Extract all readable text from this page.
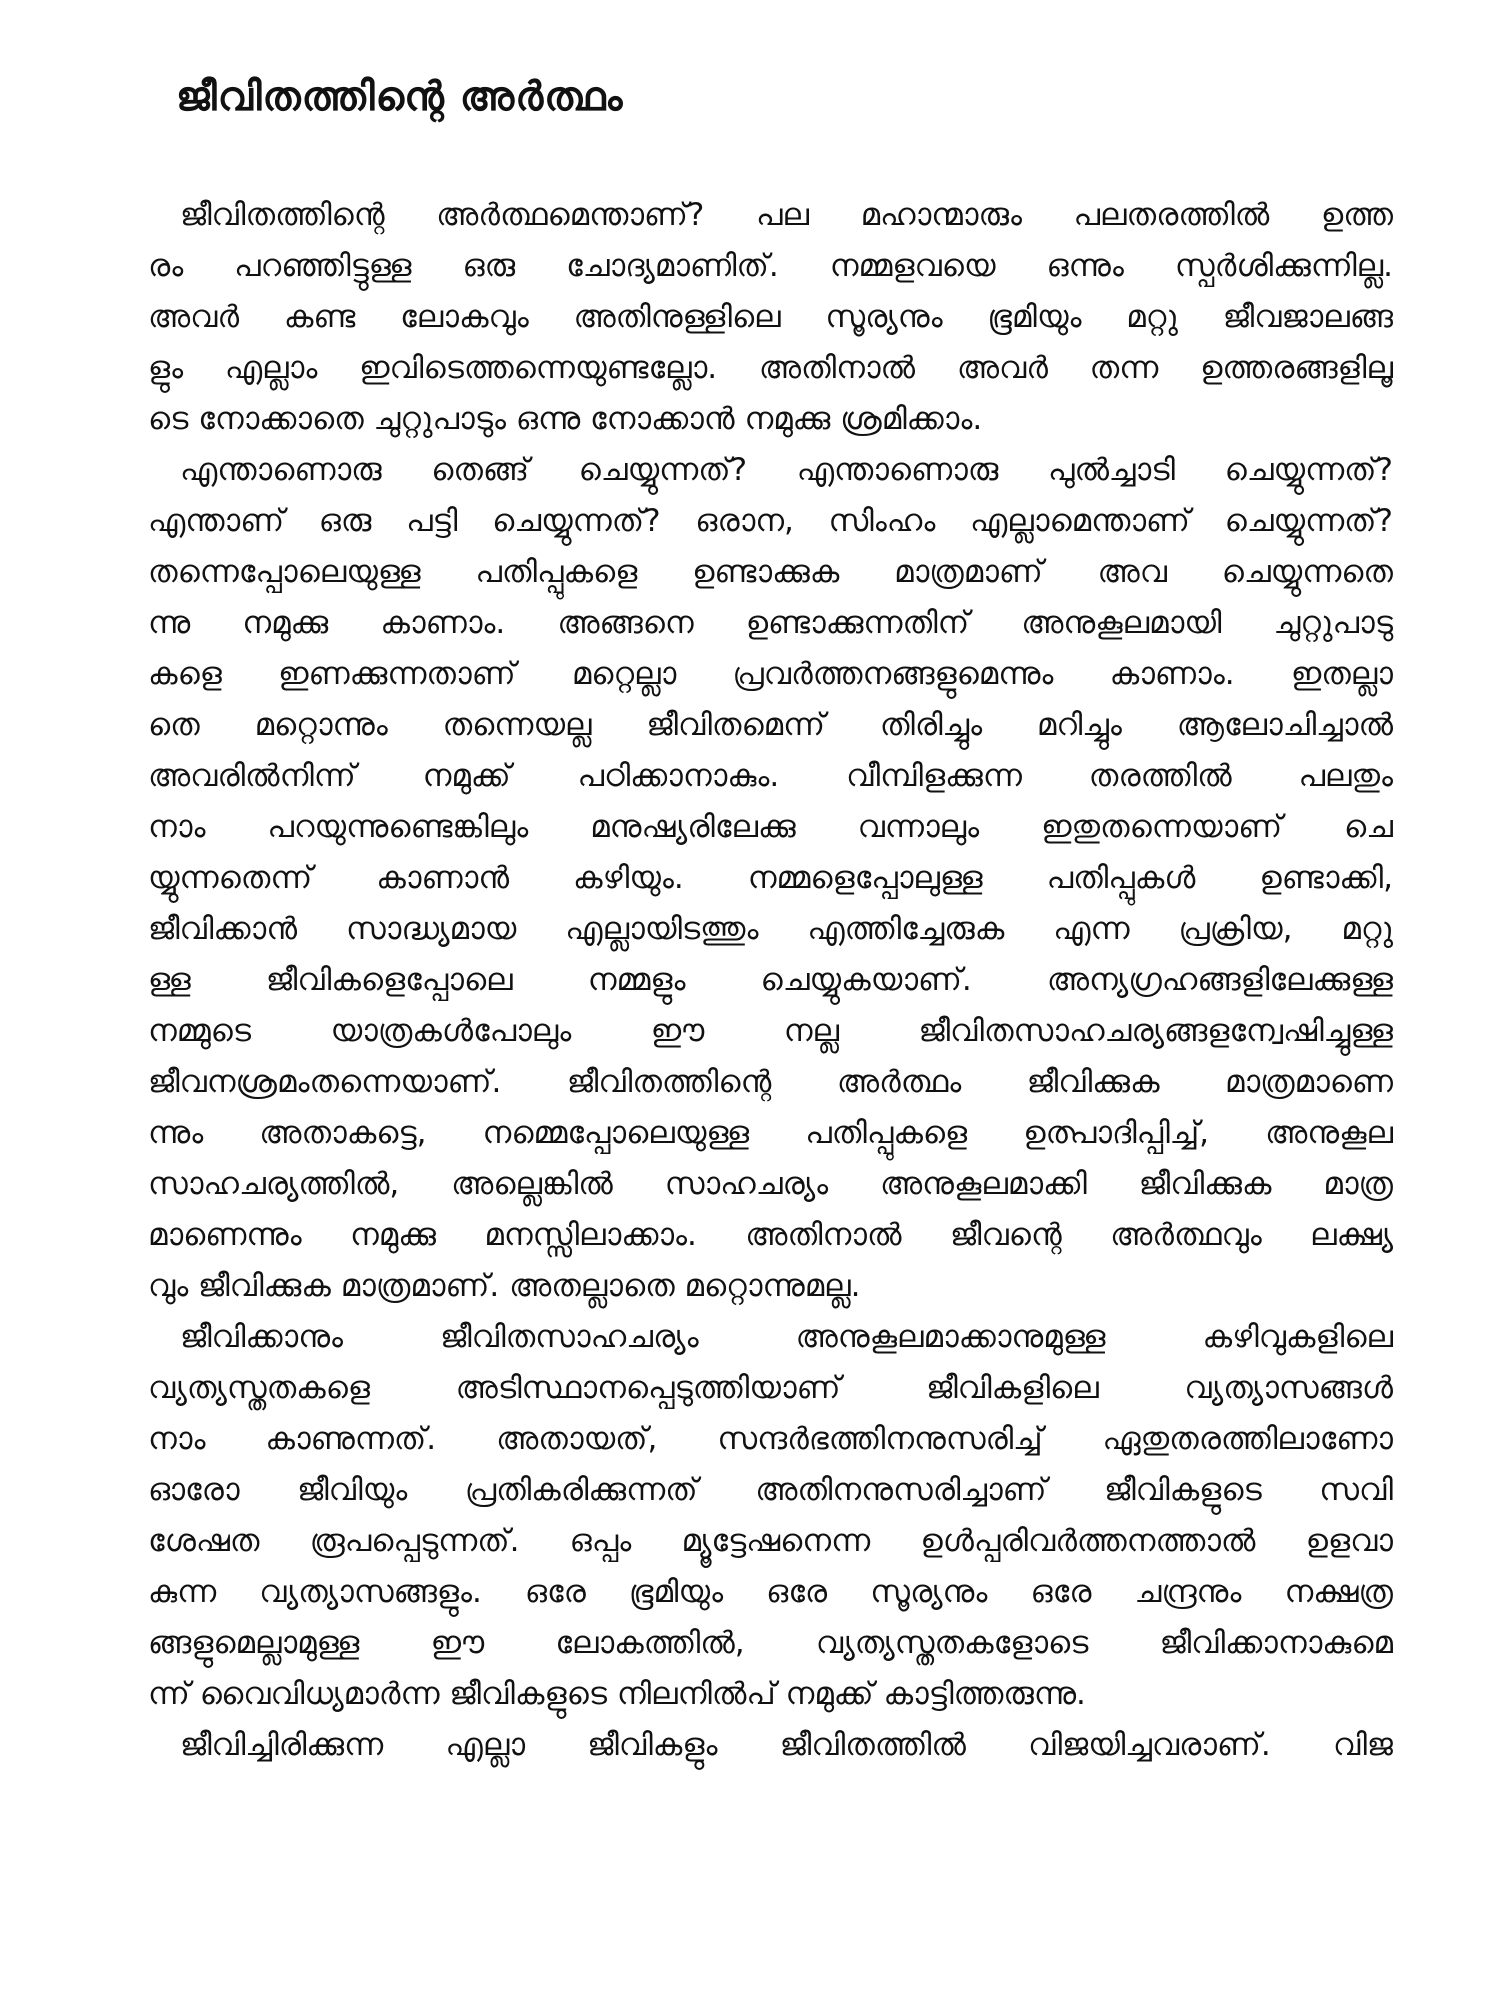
ജീവിതത്തിന്റെ അർത്ഥം
ജീവിതത്തിന്റെ അർത്ഥമെന്താണ്? പല മഹാന്മാരും പലതരത്തിൽ ഉത്ത
രം പറഞ്ഞിട്ടുള്ള ഒരു ചോദ്യമാണിത്. നമ്മളവയെ ഒന്നും സ്പർശിക്കുന്നില്ല.
അവർ കണ്ട ലോകവും അതിനുള്ളിലെ സൂര്യനും ഭൂമിയും മറ്റു ജീവജാലങ്ങ
ളും എല്ലാം ഇവിടെത്തന്നെയുണ്ടല്ലോ. അതിനാൽ അവർ തന്ന ഉത്തരങ്ങളിലൂ
ടെ നോക്കാതെ ചുറ്റുപാടും ഒന്നു നോക്കാൻ നമുക്കു ശ്രമിക്കാം.
എന്താണൊരു തെങ്ങ് ചെയ്യുന്നത്? എന്താണൊരു പുൽച്ചാടി ചെയ്യുന്നത്?
എന്താണ് ഒരു പട്ടി ചെയ്യുന്നത്? ഒരാന, സിംഹം എല്ലാമെന്താണ് ചെയ്യുന്നത്?
തന്നെപ്പോലെയുള്ള പതിപ്പുകളെ ഉണ്ടാക്കുക മാത്രമാണ് അവ ചെയ്യുന്നതെ
ന്നു നമുക്കു കാണാം. അങ്ങനെ ഉണ്ടാക്കുന്നതിന് അനുകൂലമായി ചുറ്റുപാടു
കളെ ഇണക്കുന്നതാണ് മറ്റെല്ലാ പ്രവർത്തനങ്ങളുമെന്നും കാണാം. ഇതല്ലാ
തെ മറ്റൊന്നും തന്നെയല്ല ജീവിതമെന്ന് തിരിച്ചും മറിച്ചും ആലോചിച്ചാൽ
അവരിൽനിന്ന് നമുക്ക് പഠിക്കാനാകും. വീമ്പിളക്കുന്ന തരത്തിൽ പലതും
നാം പറയുന്നുണ്ടെങ്കിലും മനുഷ്യരിലേക്കു വന്നാലും ഇതുതന്നെയാണ് ചെ
യ്യുന്നതെന്ന് കാണാൻ കഴിയും. നമ്മളെപ്പോലുള്ള പതിപ്പുകൾ ഉണ്ടാക്കി,
ജീവിക്കാൻ സാദ്ധ്യമായ എല്ലായിടത്തും എത്തിച്ചേരുക എന്ന പ്രക്രിയ, മറ്റു
ള്ള ജീവികളെപ്പോലെ നമ്മളും ചെയ്യുകയാണ്. അന്യഗ്രഹങ്ങളിലേക്കുള്ള
നമ്മുടെ യാത്രകൾപോലും ഈ നല്ല ജീവിതസാഹചര്യങ്ങളന്വേഷിച്ചുള്ള
ജീവനശ്രമംതന്നെയാണ്. ജീവിതത്തിന്റെ അർത്ഥം ജീവിക്കുക മാത്രമാണെ
ന്നും അതാകട്ടെ, നമ്മെപ്പോലെയുള്ള പതിപ്പുകളെ ഉത്പാദിപ്പിച്ച്, അനുകൂല
സാഹചര്യത്തിൽ, അല്ലെങ്കിൽ സാഹചര്യം അനുകൂലമാക്കി ജീവിക്കുക മാത്ര
മാണെന്നും നമുക്കു മനസ്സിലാക്കാം. അതിനാൽ ജീവന്റെ അർത്ഥവും ലക്ഷ്യ
വും ജീവിക്കുക മാത്രമാണ്. അതല്ലാതെ മറ്റൊന്നുമല്ല.
ജീവിക്കാനും ജീവിതസാഹചര്യം അനുകൂലമാക്കാനുമുള്ള കഴിവുകളിലെ
വ്യത്യസ്തതകളെ അടിസ്ഥാനപ്പെടുത്തിയാണ് ജീവികളിലെ വ്യത്യാസങ്ങൾ
നാം കാണുന്നത്. അതായത്, സന്ദർഭത്തിനനുസരിച്ച് ഏതുതരത്തിലാണോ
ഓരോ ജീവിയും പ്രതികരിക്കുന്നത് അതിനനുസരിച്ചാണ് ജീവികളുടെ സവി
ശേഷത രൂപപ്പെടുന്നത്. ഒപ്പം മ്യൂട്ടേഷനെന്ന ഉൾപ്പരിവർത്തനത്താൽ ഉളവാ
കുന്ന വ്യത്യാസങ്ങളും. ഒരേ ഭൂമിയും ഒരേ സൂര്യനും ഒരേ ചന്ദ്രനും നക്ഷത്ര
ങ്ങളുമെല്ലാമുള്ള ഈ ലോകത്തിൽ, വ്യത്യസ്തതകളോടെ ജീവിക്കാനാകുമെ
ന്ന് വൈവിധ്യമാർന്ന ജീവികളുടെ നിലനിൽപ് നമുക്ക് കാട്ടിത്തരുന്നു.
ജീവിച്ചിരിക്കുന്ന എല്ലാ ജീവികളും ജീവിതത്തിൽ വിജയിച്ചവരാണ്. വിജ
